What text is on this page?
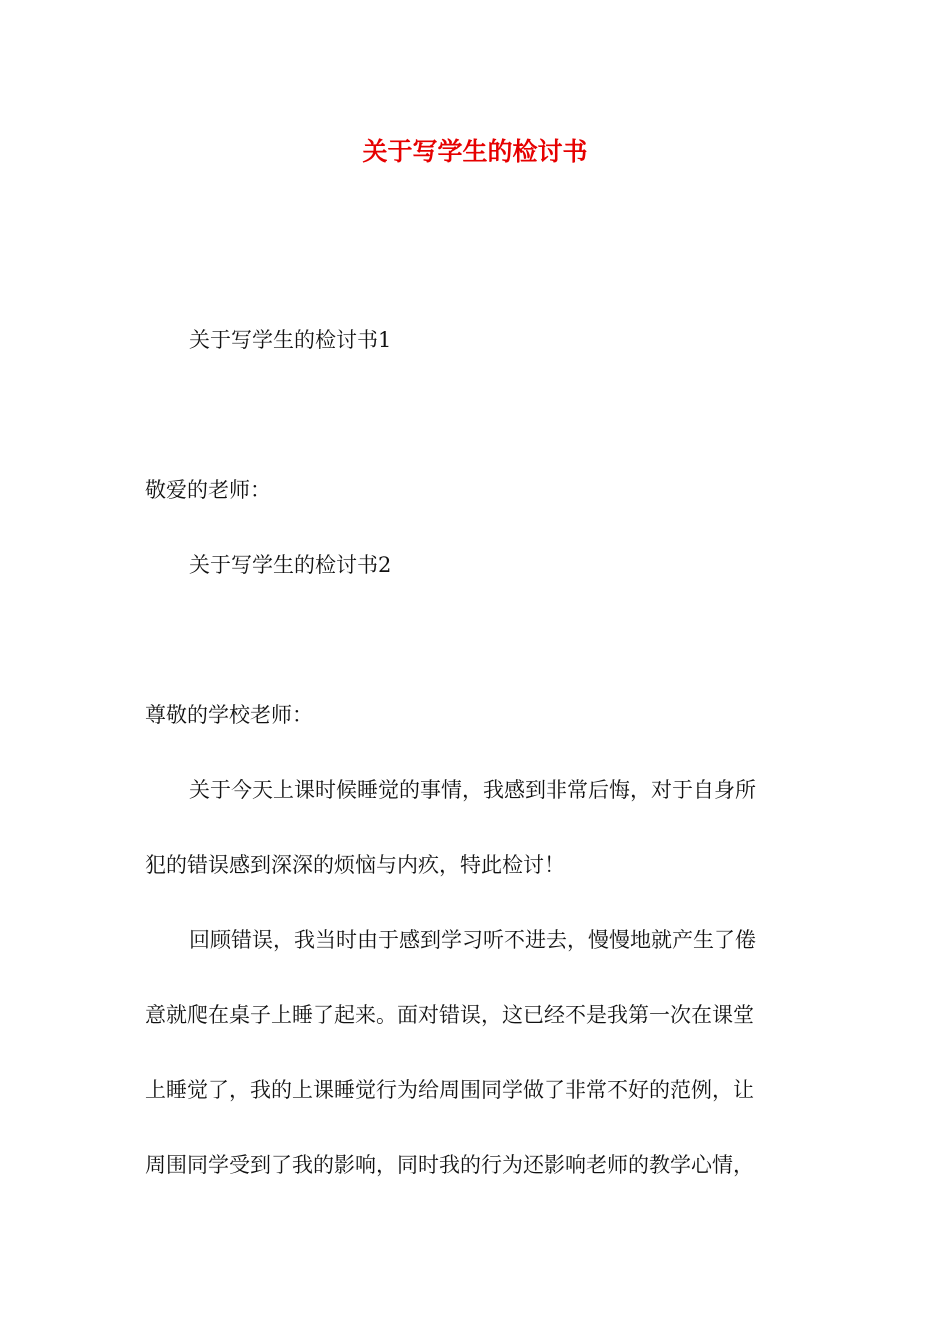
关于写学生的检讨书
关于写学生的检讨书1
敬爱的老师：
关于写学生的检讨书2
尊敬的学校老师：
关于今天上课时候睡觉的事情，我感到非常后悔，对于自身所
犯的错误感到深深的烦恼与内疚，特此检讨！
回顾错误，我当时由于感到学习听不进去，慢慢地就产生了倦
意就爬在桌子上睡了起来。面对错误，这已经不是我第一次在课堂
上睡觉了，我的上课睡觉行为给周围同学做了非常不好的范例，让
周围同学受到了我的影响，同时我的行为还影响老师的教学心情，
